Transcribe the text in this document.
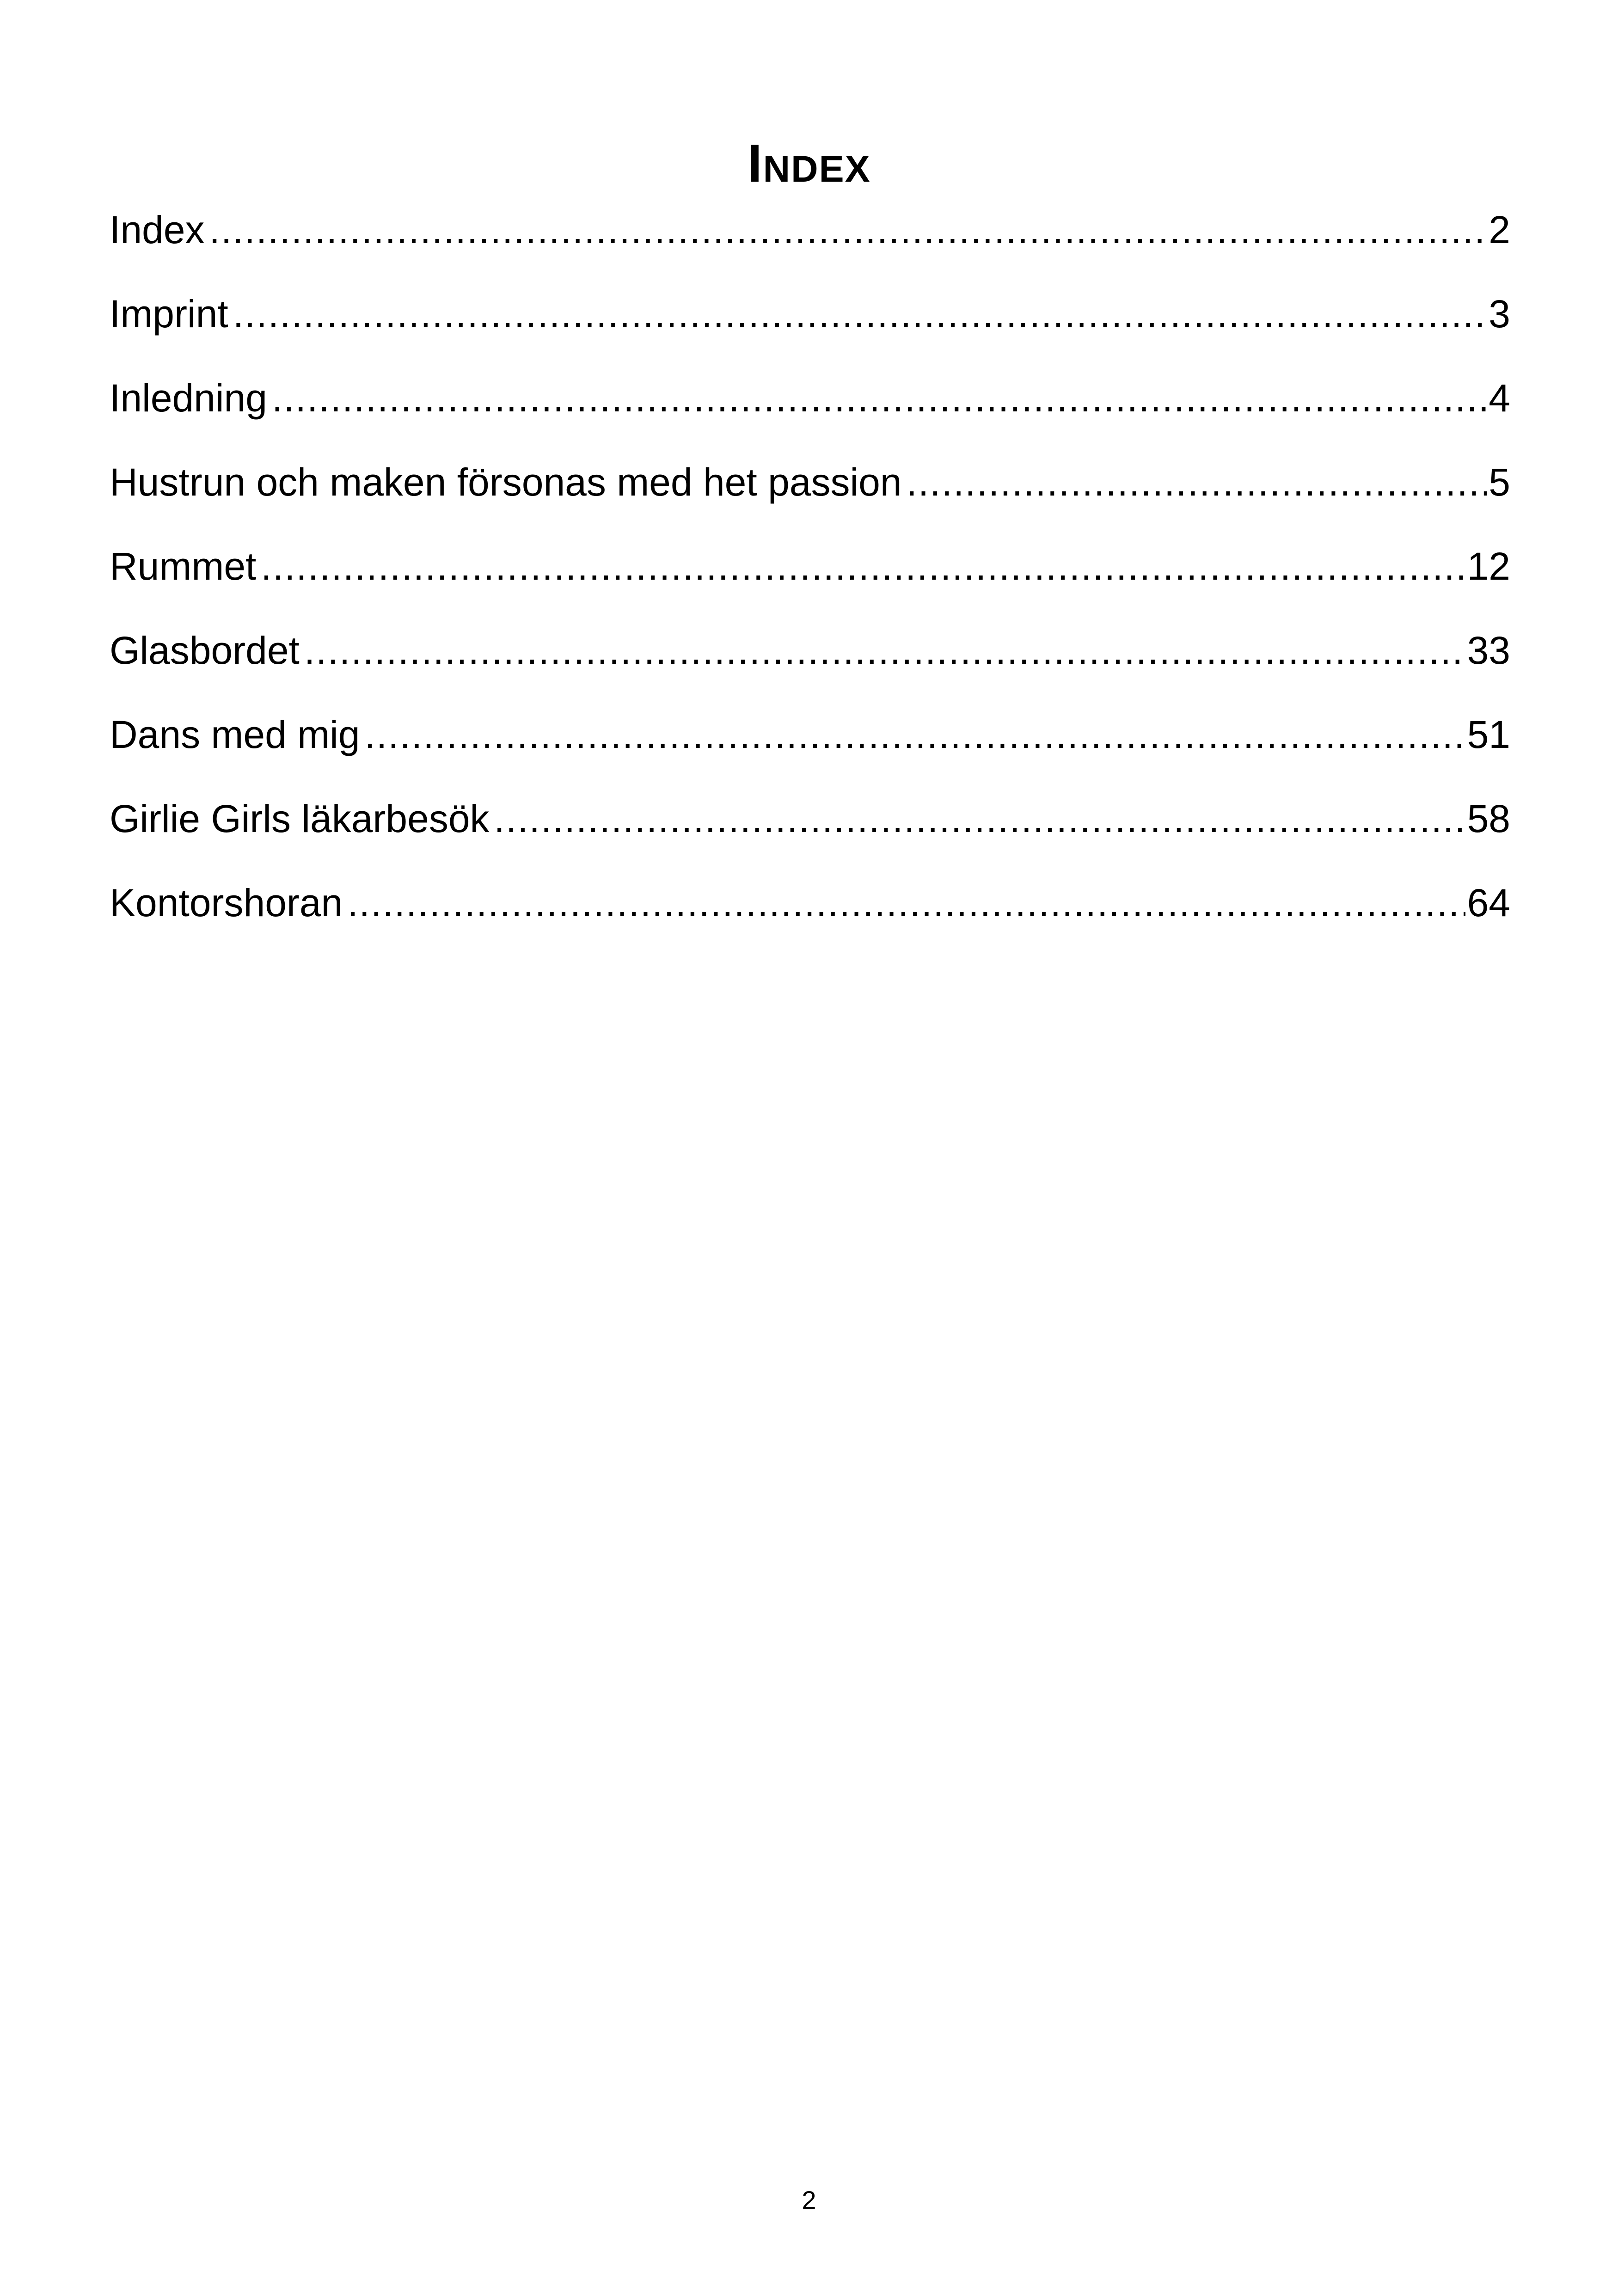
Index
Index .....	2
Imprint .....	3
Inledning .....	4
Hustrun och maken försonas med het passion .....	5
Rummet .....	12
Glasbordet .....	33
Dans med mig .....	51
Girlie Girls läkarbesök .....	58
Kontorshoran .....	64
2
